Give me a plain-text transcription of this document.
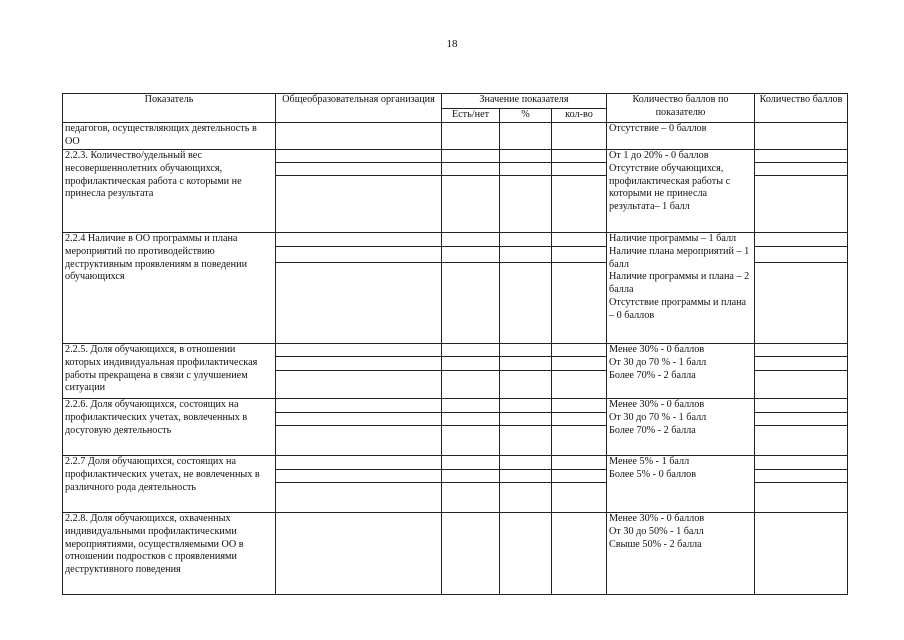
18
Показатель	Общеобразовательная организация	Значение показателя			Количество баллов по показателю	Количество баллов
		Есть/нет	%	кол-во		
педагогов, осуществляющих деятельность в ОО					Отсутствие – 0 баллов	

2.2.3. Количество/удельный вес несовершеннолетних обучающихся, профилактическая работа с которыми не принесла результата					От 1 до 20% - 0 баллов
Отсутствие обучающихся, профилактическая работы с которыми не принесла результата– 1 балл	

2.2.4 Наличие в ОО программы и плана мероприятий по противодействию деструктивным проявлениям в поведении обучающихся					Наличие программы – 1 балл
Наличие плана мероприятий – 1 балл
Наличие программы и плана – 2 балла
Отсутствие программы и плана – 0 баллов	

2.2.5. Доля обучающихся, в отношении которых индивидуальная профилактическая работы прекращена в связи с улучшением ситуации					Менее 30% - 0 баллов
От 30 до 70 % - 1 балл
Более 70% - 2 балла	

2.2.6. Доля обучающихся, состоящих на профилактических учетах, вовлеченных в досуговую деятельность					Менее 30% - 0 баллов
От 30 до 70 % - 1 балл
Более 70% - 2 балла	

2.2.7 Доля обучающихся, состоящих на профилактических учетах, не вовлеченных в различного рода деятельность					Менее 5% - 1 балл
Более 5% - 0 баллов	

2.2.8. Доля обучающихся, охваченных индивидуальными профилактическими мероприятиями, осуществляемыми ОО в отношении подростков с проявлениями деструктивного поведения					Менее 30% - 0 баллов
От 30 до 50% - 1 балл
Свыше 50% - 2 балла	
